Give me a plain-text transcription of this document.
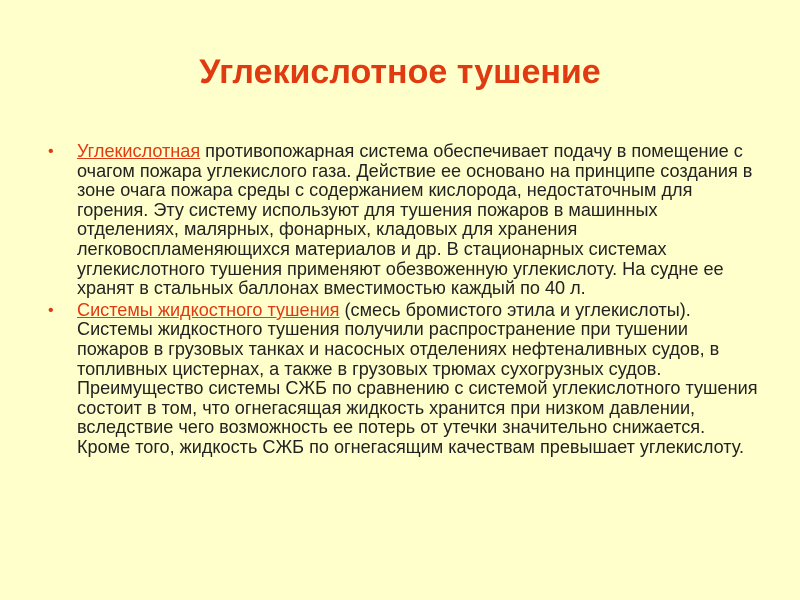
Углекислотное тушение
• Углекислотная противопожарная система обеспечивает подачу в помещение с очагом пожара углекислого газа. Действие ее основано на принципе создания в зоне очага пожара среды с содержанием кислорода, недостаточным для горения. Эту систему используют для тушения пожаров в машинных отделениях, малярных, фонарных, кладовых для хранения легковоспламеняющихся материалов и др. В стационарных системах углекислотного тушения применяют обезвоженную углекислоту. На судне ее хранят в стальных баллонах вместимостью каждый по 40 л.
• Системы жидкостного тушения (смесь бромистого этила и углекислоты). Системы жидкостного тушения получили распространение при тушении пожаров в грузовых танках и насосных отделениях нефтеналивных судов, в топливных цистернах, а также в грузовых трюмах сухогрузных судов. Преимущество системы СЖБ по сравнению с системой углекислотного тушения состоит в том, что огнегасящая жидкость хранится при низком давлении, вследствие чего возможность ее потерь от утечки значительно снижается. Кроме того, жидкость СЖБ по огнегасящим качествам превышает углекислоту.
